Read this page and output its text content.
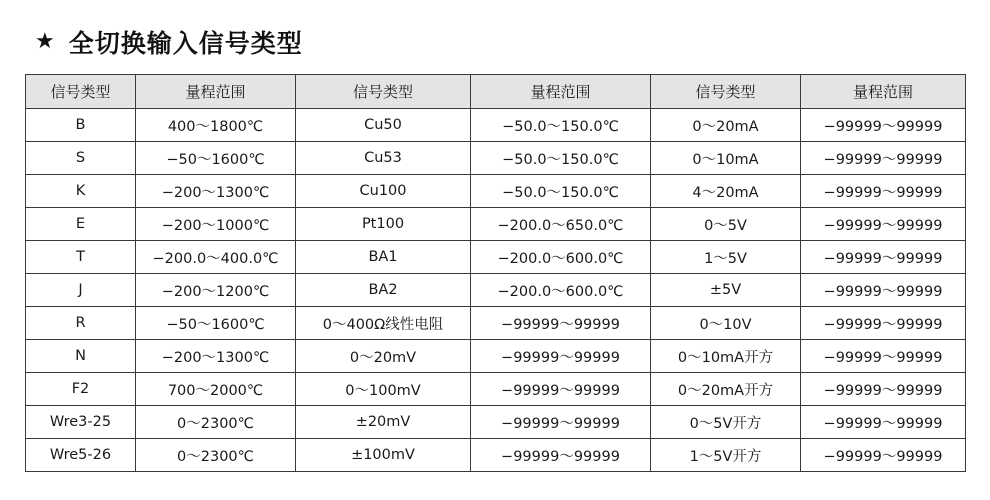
★ 全切换输入信号类型
信号类型	量程范围	信号类型	量程范围	信号类型	量程范围
B	400～1800℃	Cu50	−50.0～150.0℃	0～20mA	−99999～99999
S	−50～1600℃	Cu53	−50.0～150.0℃	0～10mA	−99999～99999
K	−200～1300℃	Cu100	−50.0～150.0℃	4～20mA	−99999～99999
E	−200～1000℃	Pt100	−200.0～650.0℃	0～5V	−99999～99999
T	−200.0～400.0℃	BA1	−200.0～600.0℃	1～5V	−99999～99999
J	−200～1200℃	BA2	−200.0～600.0℃	±5V	−99999～99999
R	−50～1600℃	0～400Ω线性电阻	−99999～99999	0～10V	−99999～99999
N	−200～1300℃	0～20mV	−99999～99999	0～10mA开方	−99999～99999
F2	700～2000℃	0～100mV	−99999～99999	0～20mA开方	−99999～99999
Wre3-25	0～2300℃	±20mV	−99999～99999	0～5V开方	−99999～99999
Wre5-26	0～2300℃	±100mV	−99999～99999	1～5V开方	−99999～99999
